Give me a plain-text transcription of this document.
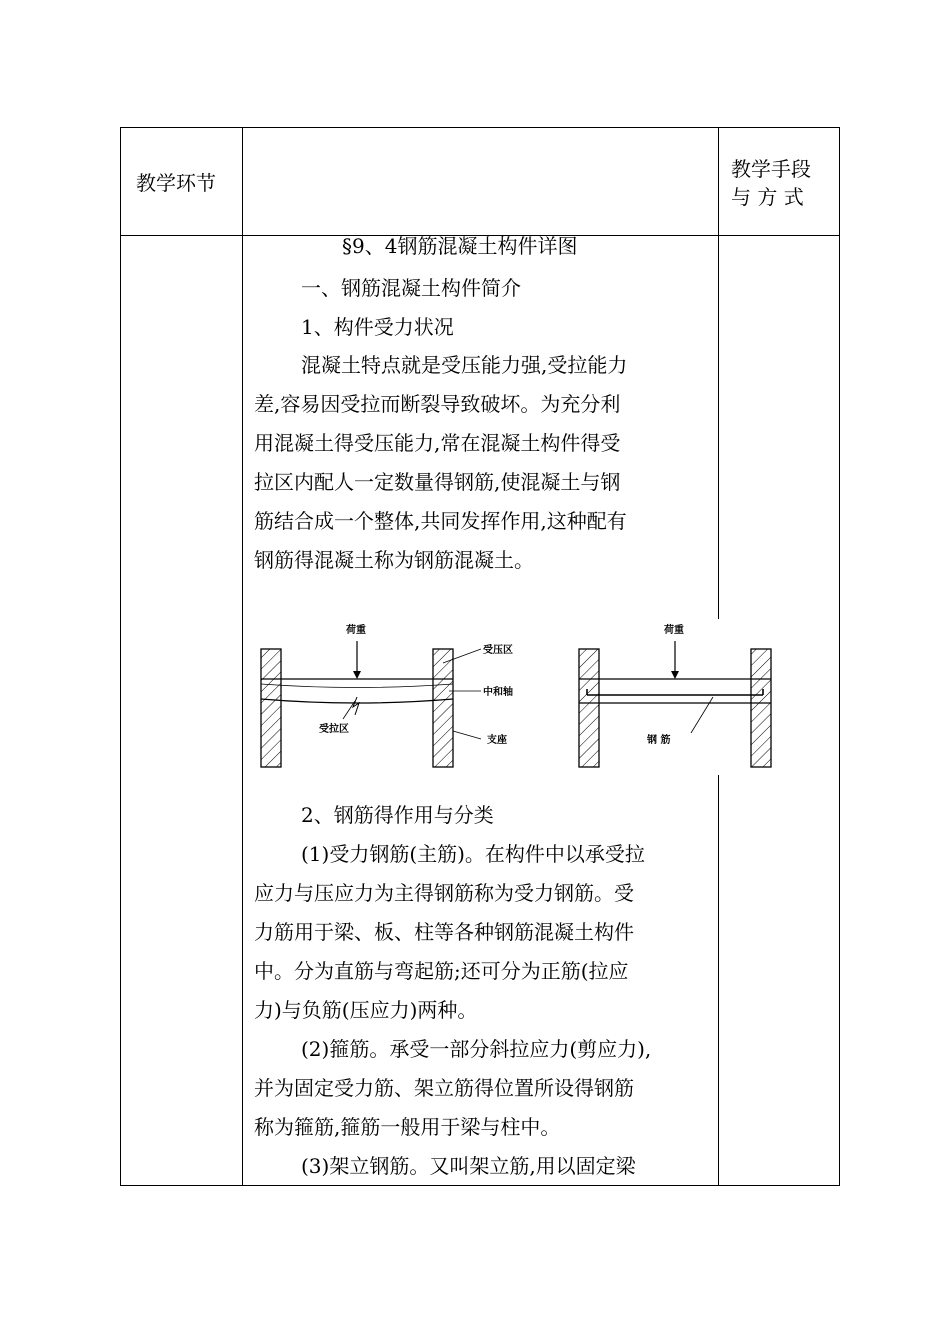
教学环节
教学手段
与 方 式
§9、4钢筋混凝土构件详图
一、钢筋混凝土构件简介
1、构件受力状况
混凝土特点就是受压能力强,受拉能力
差,容易因受拉而断裂导致破坏。为充分利
用混凝土得受压能力,常在混凝土构件得受
拉区内配人一定数量得钢筋,使混凝土与钢
筋结合成一个整体,共同发挥作用,这种配有
钢筋得混凝土称为钢筋混凝土。
2、钢筋得作用与分类
(1)受力钢筋(主筋)。在构件中以承受拉
应力与压应力为主得钢筋称为受力钢筋。受
力筋用于梁、板、柱等各种钢筋混凝土构件
中。分为直筋与弯起筋;还可分为正筋(拉应
力)与负筋(压应力)两种。
(2)箍筋。承受一部分斜拉应力(剪应力),
并为固定受力筋、架立筋得位置所设得钢筋
称为箍筋,箍筋一般用于梁与柱中。
(3)架立钢筋。又叫架立筋,用以固定梁
荷重
受压区
中和轴
受拉区
支座
荷重
钢 筋
